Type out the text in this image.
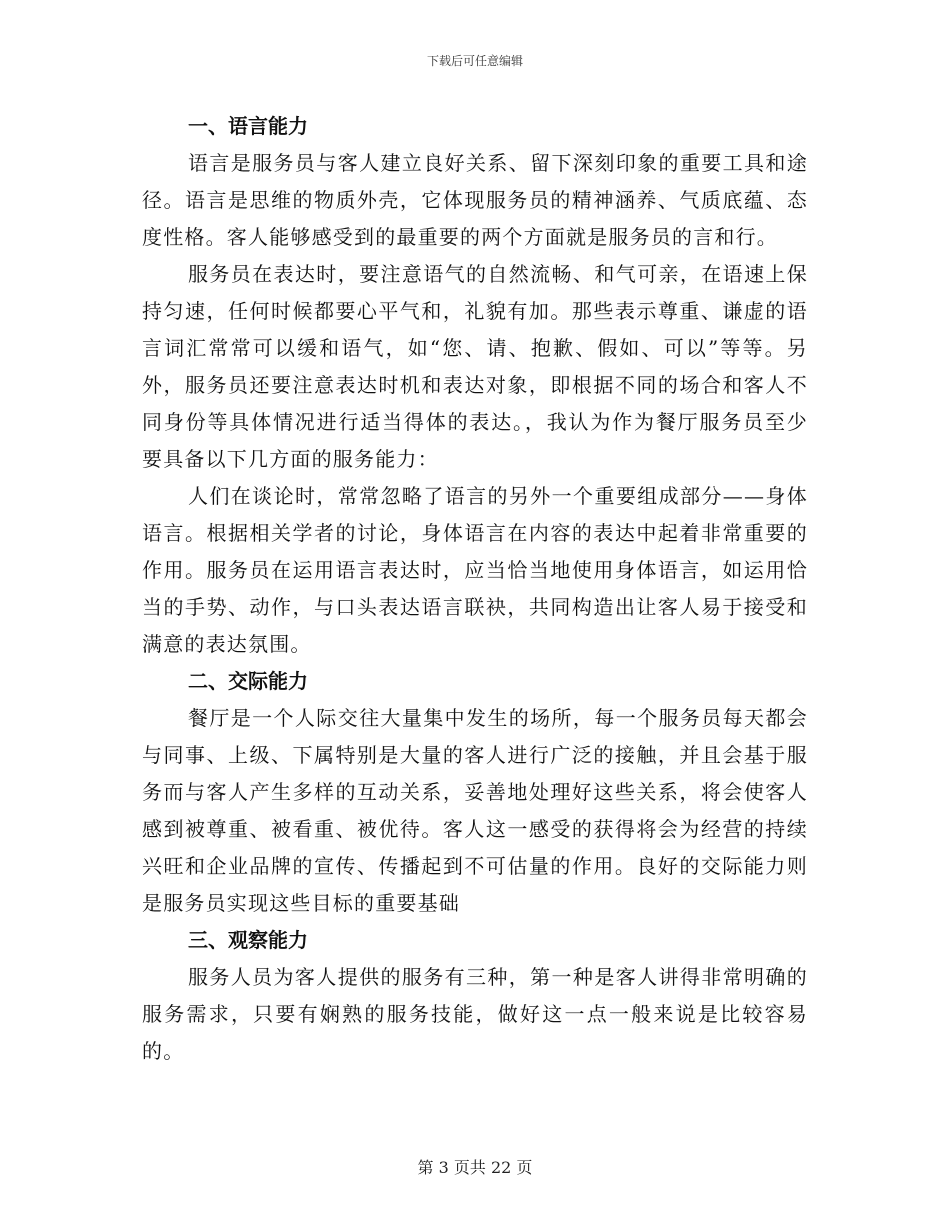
下载后可任意编辑

一、语言能力

语言是服务员与客人建立良好关系、留下深刻印象的重要工具和途径。语言是思维的物质外壳，它体现服务员的精神涵养、气质底蕴、态度性格。客人能够感受到的最重要的两个方面就是服务员的言和行。

服务员在表达时，要注意语气的自然流畅、和气可亲，在语速上保持匀速，任何时候都要心平气和，礼貌有加。那些表示尊重、谦虚的语言词汇常常可以缓和语气，如“您、请、抱歉、假如、可以”等等。另外，服务员还要注意表达时机和表达对象，即根据不同的场合和客人不同身份等具体情况进行适当得体的表达。，我认为作为餐厅服务员至少要具备以下几方面的服务能力：

人们在谈论时，常常忽略了语言的另外一个重要组成部分——身体语言。根据相关学者的讨论，身体语言在内容的表达中起着非常重要的作用。服务员在运用语言表达时，应当恰当地使用身体语言，如运用恰当的手势、动作，与口头表达语言联袂，共同构造出让客人易于接受和满意的表达氛围。

二、交际能力

餐厅是一个人际交往大量集中发生的场所，每一个服务员每天都会与同事、上级、下属特别是大量的客人进行广泛的接触，并且会基于服务而与客人产生多样的互动关系，妥善地处理好这些关系，将会使客人感到被尊重、被看重、被优待。客人这一感受的获得将会为经营的持续兴旺和企业品牌的宣传、传播起到不可估量的作用。良好的交际能力则是服务员实现这些目标的重要基础

三、观察能力

服务人员为客人提供的服务有三种，第一种是客人讲得非常明确的服务需求，只要有娴熟的服务技能，做好这一点一般来说是比较容易的。

第 3 页共 22 页
